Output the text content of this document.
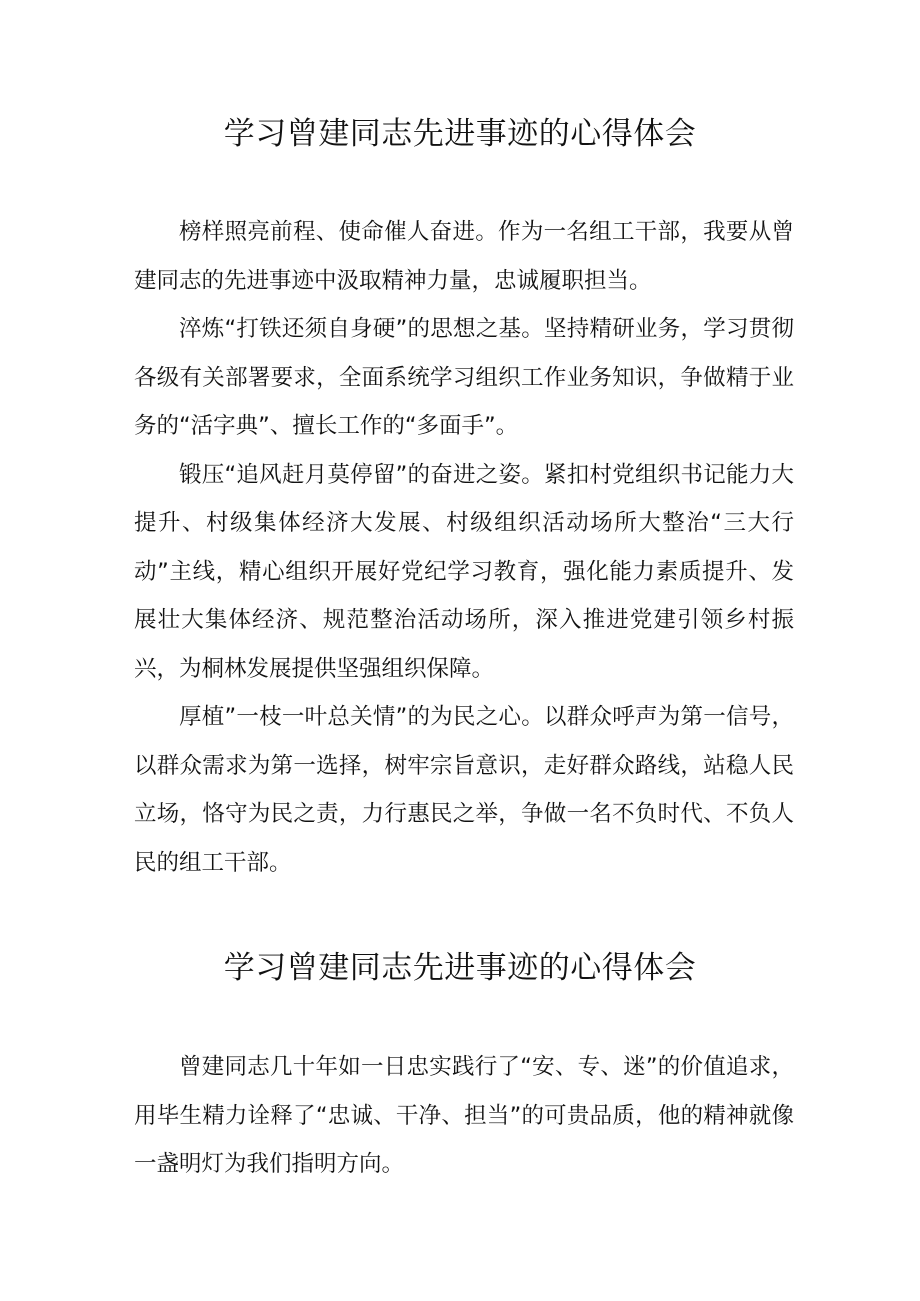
学习曾建同志先进事迹的心得体会

榜样照亮前程、使命催人奋进。作为一名组工干部，我要从曾建同志的先进事迹中汲取精神力量，忠诚履职担当。

淬炼“打铁还须自身硬”的思想之基。坚持精研业务，学习贯彻各级有关部署要求，全面系统学习组织工作业务知识，争做精于业务的“活字典”、擅长工作的“多面手”。

锻压“追风赶月莫停留”的奋进之姿。紧扣村党组织书记能力大提升、村级集体经济大发展、村级组织活动场所大整治“三大行动”主线，精心组织开展好党纪学习教育，强化能力素质提升、发展壮大集体经济、规范整治活动场所，深入推进党建引领乡村振兴，为桐林发展提供坚强组织保障。

厚植”一枝一叶总关情”的为民之心。以群众呼声为第一信号，以群众需求为第一选择，树牢宗旨意识，走好群众路线，站稳人民立场，恪守为民之责，力行惠民之举，争做一名不负时代、不负人民的组工干部。

学习曾建同志先进事迹的心得体会

曾建同志几十年如一日忠实践行了“安、专、迷”的价值追求，用毕生精力诠释了“忠诚、干净、担当”的可贵品质，他的精神就像一盏明灯为我们指明方向。
